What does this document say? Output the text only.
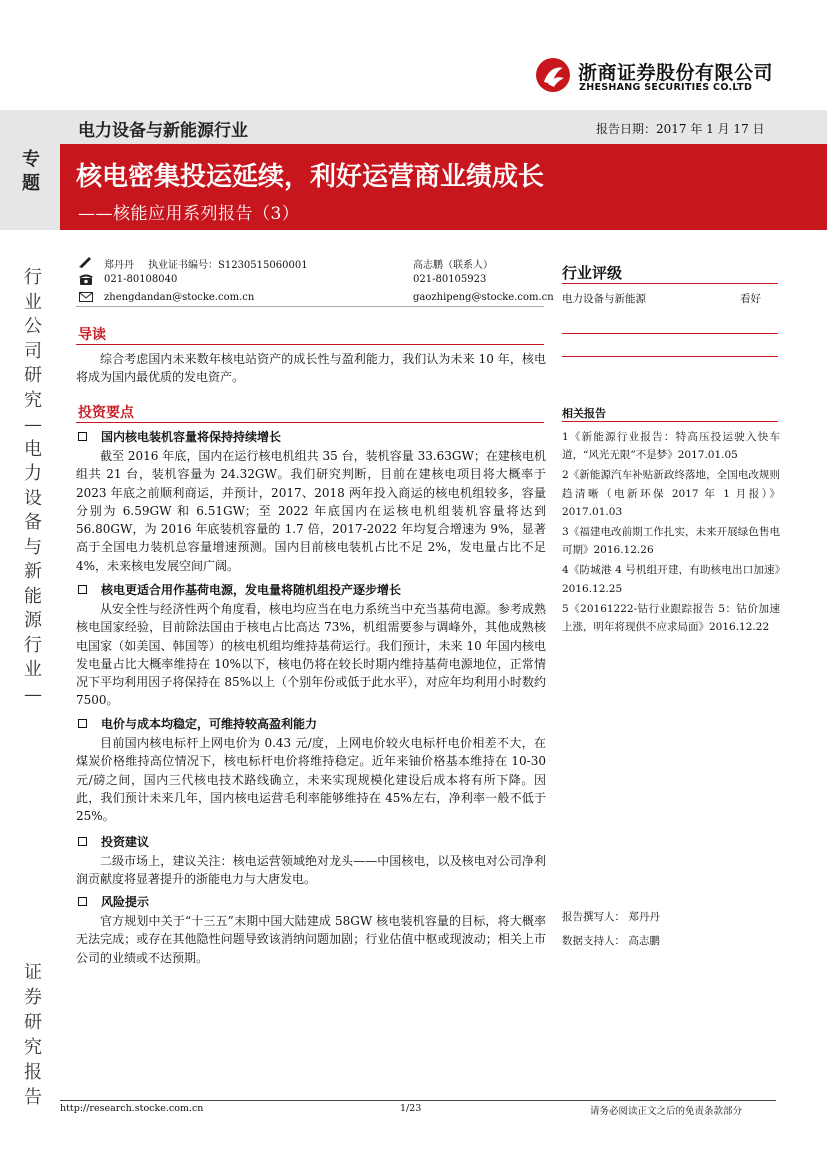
浙商证券股份有限公司
ZHESHANG SECURITIES CO.LTD
专题
行业公司研究—电力设备与新能源行业—
证券研究报告
电力设备与新能源行业	报告日期：2017 年 1 月 17 日
核电密集投运延续，利好运营商业绩成长
——核能应用系列报告（3）
郑丹丹 执业证书编号：S1230515060001
021-80108040
zhengdandan@stocke.com.cn
高志鹏（联系人）
021-80105923
gaozhipeng@stocke.com.cn
行业评级
电力设备与新能源	看好
相关报告
1《新能源行业报告：特高压投运驶入快车道，“风光无限”不是梦》2017.01.05
2《新能源汽车补贴新政终落地，全国电改规则趋清晰（电新环保 2017 年 1 月报）》2017.01.03
3《福建电改前期工作扎实，未来开展绿色售电可期》2016.12.26
4《防城港 4 号机组开建，有助核电出口加速》2016.12.25
5《20161222-钴行业跟踪报告 5：钴价加速上涨，明年将现供不应求局面》2016.12.22
报告撰写人： 郑丹丹
数据支持人： 高志鹏
导读

综合考虑国内未来数年核电站资产的成长性与盈利能力，我们认为未来 10 年，核电将成为国内最优质的发电资产。

投资要点
国内核电装机容量将保持持续增长

截至 2016 年底，国内在运行核电机组共 35 台，装机容量 33.63GW；在建核电机组共 21 台，装机容量为 24.32GW。我们研究判断，目前在建核电项目将大概率于 2023 年底之前顺利商运，并预计，2017、2018 两年投入商运的核电机组较多，容量分别为 6.59GW 和 6.51GW；至 2022 年底国内在运核电机组装机容量将达到 56.80GW，为 2016 年底装机容量的 1.7 倍，2017-2022 年均复合增速为 9%，显著高于全国电力装机总容量增速预测。国内目前核电装机占比不足 2%，发电量占比不足 4%，未来核电发展空间广阔。

核电更适合用作基荷电源，发电量将随机组投产逐步增长

从安全性与经济性两个角度看，核电均应当在电力系统当中充当基荷电源。参考成熟核电国家经验，目前除法国由于核电占比高达 73%，机组需要参与调峰外，其他成熟核电国家（如美国、韩国等）的核电机组均维持基荷运行。我们预计，未来 10 年国内核电发电量占比大概率维持在 10%以下，核电仍将在较长时期内维持基荷电源地位，正常情况下平均利用因子将保持在 85%以上（个别年份或低于此水平），对应年均利用小时数约 7500。

电价与成本均稳定，可维持较高盈利能力

目前国内核电标杆上网电价为 0.43 元/度，上网电价较火电标杆电价相差不大，在煤炭价格维持高位情况下，核电标杆电价将维持稳定。近年来铀价格基本维持在 10-30 元/磅之间，国内三代核电技术路线确立，未来实现规模化建设后成本将有所下降。因此，我们预计未来几年，国内核电运营毛利率能够维持在 45%左右，净利率一般不低于 25%。

投资建议

二级市场上，建议关注：核电运营领域绝对龙头——中国核电，以及核电对公司净利润贡献度将显著提升的浙能电力与大唐发电。

风险提示

官方规划中关于“十三五”末期中国大陆建成 58GW 核电装机容量的目标，将大概率无法完成；或存在其他隐性问题导致该消纳问题加剧；行业估值中枢或现波动；相关上市公司的业绩或不达预期。

http://research.stocke.com.cn	1/23	请务必阅读正文之后的免责条款部分
